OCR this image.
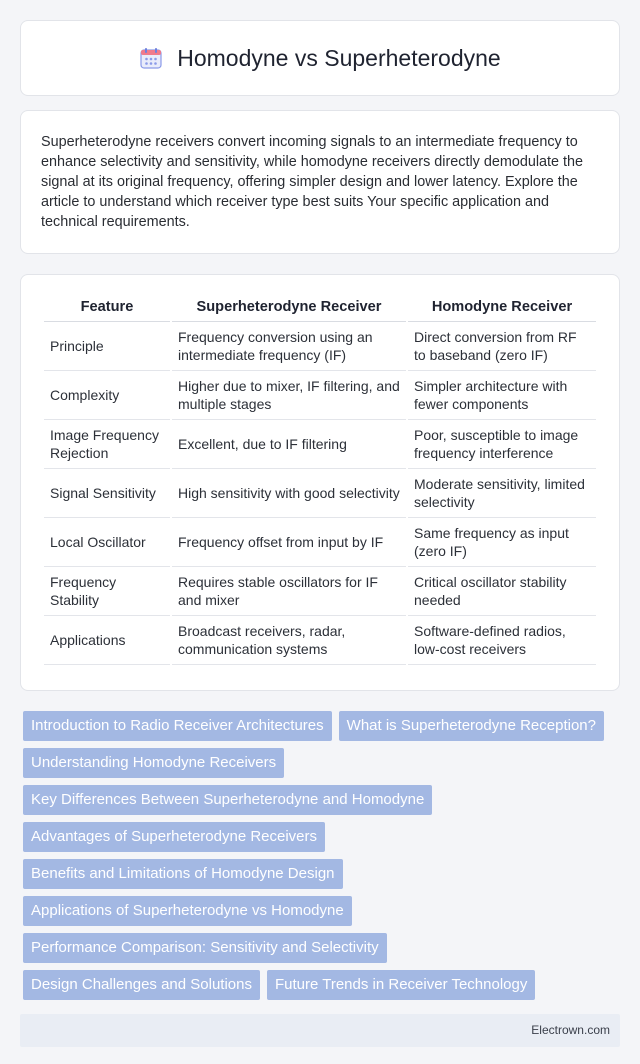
Homodyne vs Superheterodyne

Superheterodyne receivers convert incoming signals to an intermediate frequency to enhance selectivity and sensitivity, while homodyne receivers directly demodulate the signal at its original frequency, offering simpler design and lower latency. Explore the article to understand which receiver type best suits Your specific application and technical requirements.

Feature	Superheterodyne Receiver	Homodyne Receiver
Principle	Frequency conversion using an intermediate frequency (IF)	Direct conversion from RF to baseband (zero IF)
Complexity	Higher due to mixer, IF filtering, and multiple stages	Simpler architecture with fewer components
Image Frequency Rejection	Excellent, due to IF filtering	Poor, susceptible to image frequency interference
Signal Sensitivity	High sensitivity with good selectivity	Moderate sensitivity, limited selectivity
Local Oscillator	Frequency offset from input by IF	Same frequency as input (zero IF)
Frequency Stability	Requires stable oscillators for IF and mixer	Critical oscillator stability needed
Applications	Broadcast receivers, radar, communication systems	Software-defined radios, low-cost receivers
Introduction to Radio Receiver Architectures	What is Superheterodyne Reception?
Understanding Homodyne Receivers
Key Differences Between Superheterodyne and Homodyne
Advantages of Superheterodyne Receivers
Benefits and Limitations of Homodyne Design
Applications of Superheterodyne vs Homodyne
Performance Comparison: Sensitivity and Selectivity
Design Challenges and Solutions	Future Trends in Receiver Technology
Electrown.com
